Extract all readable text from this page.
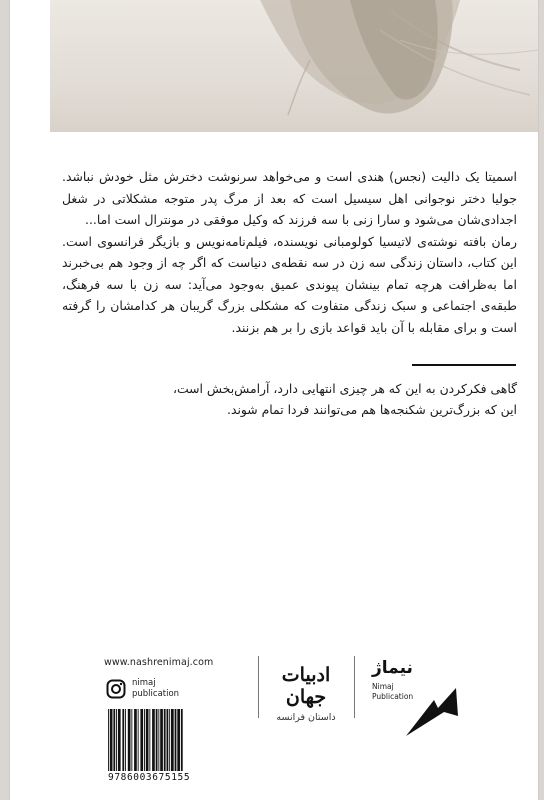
اسمیتا یک دالیت (نجس) هندی است و می‌خواهد سرنوشت دخترش مثل خودش نباشد. جولیا دختر نوجوانی اهل سیسیل است که بعد از مرگ پدر متوجه مشکلاتی در شغل اجدادی‌شان می‌شود و سارا زنی با سه فرزند که وکیل موفقی در مونترال است اما...

رمان بافته نوشته‌ی لاتیسیا کولومبانی نویسنده، فیلم‌نامه‌نویس و بازیگر فرانسوی است. این کتاب، داستان زندگی سه زن در سه نقطه‌ی دنیاست که اگر چه از وجود هم بی‌خبرند اما به‌ظرافت هرچه تمام بینشان پیوندی عمیق به‌وجود می‌آید: سه زن با سه فرهنگ، طبقه‌ی اجتماعی و سبک زندگی متفاوت که مشکلی بزرگ گریبان هر کدامشان را گرفته است و برای مقابله با آن باید قواعد بازی را بر هم بزنند.

گاهی فکرکردن به این که هر چیزی انتهایی دارد، آرامش‌بخش است،

این که بزرگ‌ترین شکنجه‌ها هم می‌توانند فردا تمام شوند.

www.nashrenimaj.com
nimaj
publication
9786003675155
ادبیات
جهان
داستان فرانسه
نیماژ
Nimaj
Publication
